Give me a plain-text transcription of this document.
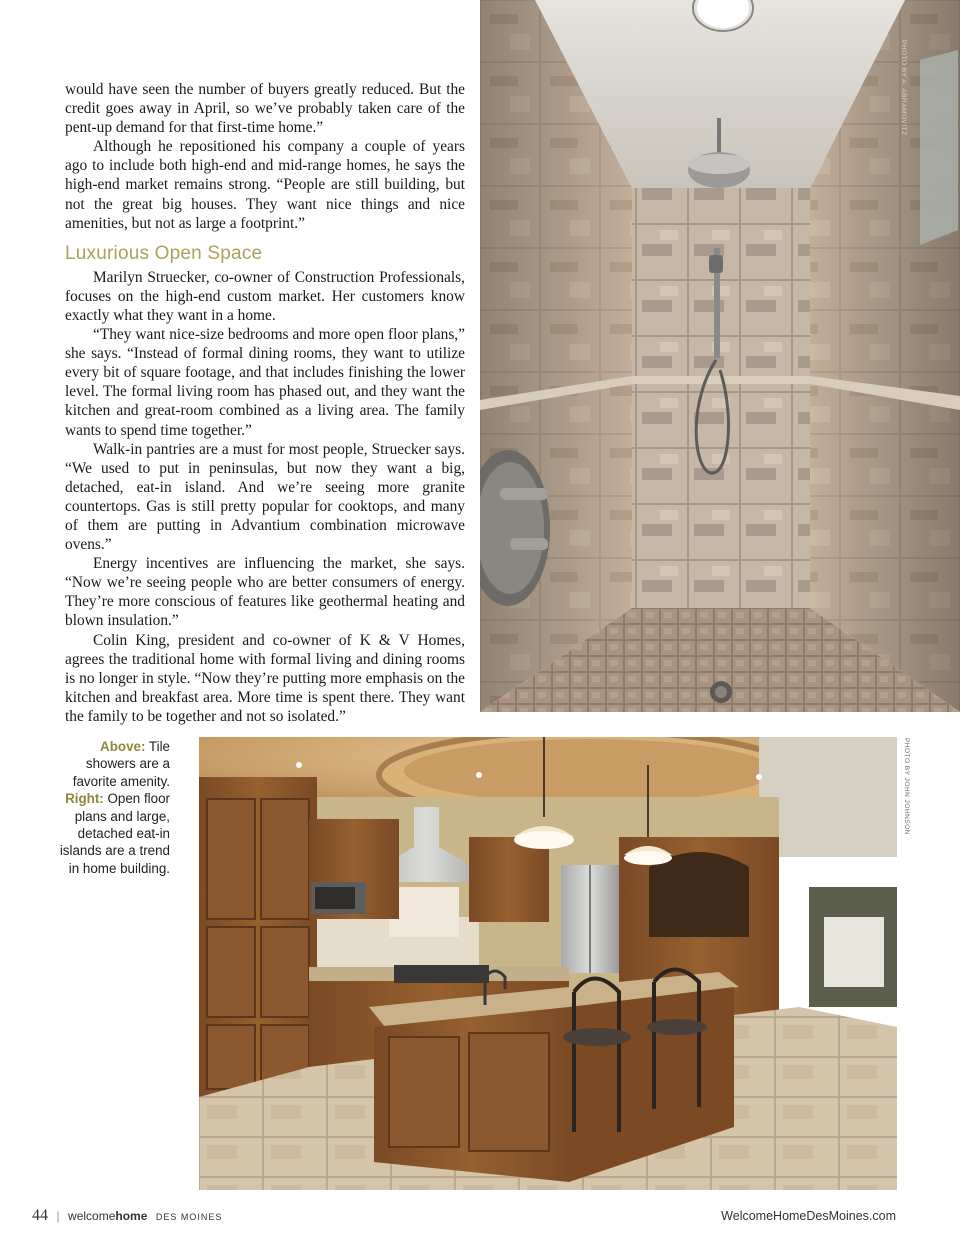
would have seen the number of buyers greatly reduced. But the credit goes away in April, so we’ve probably taken care of the pent-up demand for that first-time home.”

Although he repositioned his company a couple of years ago to include both high-end and mid-range homes, he says the high-end market remains strong. “People are still building, but not the great big houses. They want nice things and nice amenities, but not as large a footprint.”

Luxurious Open Space

Marilyn Struecker, co-owner of Construction Professionals, focuses on the high-end custom market. Her customers know exactly what they want in a home.

“They want nice-size bedrooms and more open floor plans,” she says. “Instead of formal dining rooms, they want to utilize every bit of square footage, and that includes finishing the lower level. The formal living room has phased out, and they want the kitchen and great-room combined as a living area. The family wants to spend time together.”

Walk-in pantries are a must for most people, Struecker says. “We used to put in peninsulas, but now they want a big, detached, eat-in island. And we’re seeing more granite countertops. Gas is still pretty popular for cooktops, and many of them are putting in Advantium combination microwave ovens.”

Energy incentives are influencing the market, she says. “Now we’re seeing people who are better consumers of energy. They’re more conscious of features like geothermal heating and blown insulation.”

Colin King, president and co-owner of K & V Homes, agrees the traditional home with formal living and dining rooms is no longer in style. “Now they’re putting more emphasis on the kitchen and breakfast area. More time is spent there. They want the family to be together and not so isolated.”

PHOTO BY A. ABRAMOVITZ
Above: Tile showers are a favorite amenity.
Right: Open floor plans and large, detached eat-in islands are a trend in home building.
PHOTO BY JOHN JOHNSON
44 | welcomehome DES MOINES	WelcomeHomeDesMoines.com
